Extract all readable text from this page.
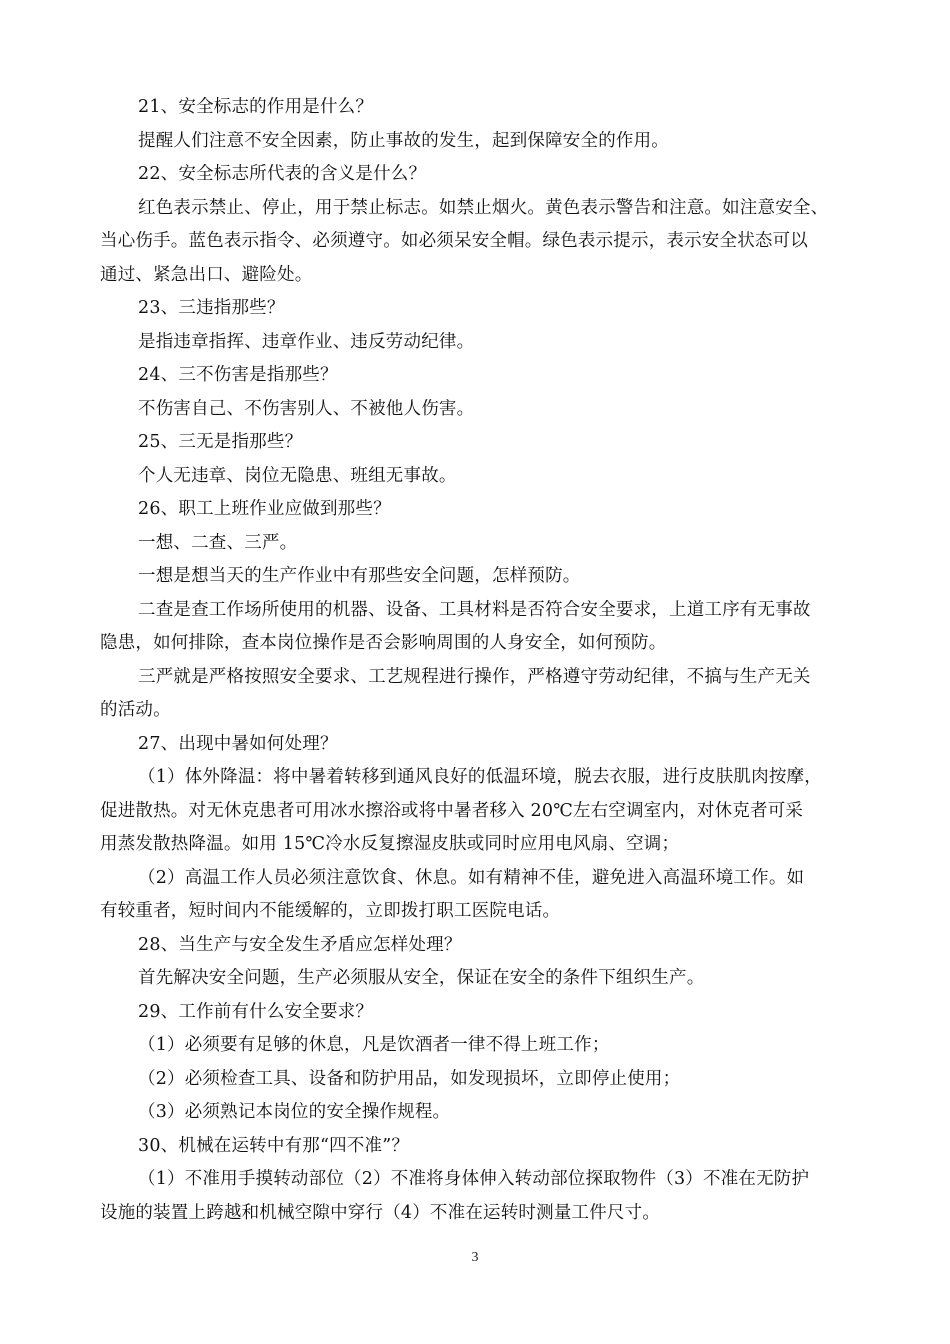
21、安全标志的作用是什么？
提醒人们注意不安全因素，防止事故的发生，起到保障安全的作用。
22、安全标志所代表的含义是什么？
红色表示禁止、停止，用于禁止标志。如禁止烟火。黄色表示警告和注意。如注意安全、
当心伤手。蓝色表示指令、必须遵守。如必须呆安全帽。绿色表示提示，表示安全状态可以
通过、紧急出口、避险处。
23、三违指那些？
是指违章指挥、违章作业、违反劳动纪律。
24、三不伤害是指那些？
不伤害自己、不伤害别人、不被他人伤害。
25、三无是指那些？
个人无违章、岗位无隐患、班组无事故。
26、职工上班作业应做到那些？
一想、二查、三严。
一想是想当天的生产作业中有那些安全问题，怎样预防。
二查是查工作场所使用的机器、设备、工具材料是否符合安全要求，上道工序有无事故
隐患，如何排除，查本岗位操作是否会影响周围的人身安全，如何预防。
三严就是严格按照安全要求、工艺规程进行操作，严格遵守劳动纪律，不搞与生产无关
的活动。
27、出现中暑如何处理？
（1）体外降温：将中暑着转移到通风良好的低温环境，脱去衣服，进行皮肤肌肉按摩，
促进散热。对无休克患者可用冰水擦浴或将中暑者移入 20℃左右空调室内，对休克者可采
用蒸发散热降温。如用 15℃冷水反复擦湿皮肤或同时应用电风扇、空调；
（2）高温工作人员必须注意饮食、休息。如有精神不佳，避免进入高温环境工作。如
有较重者，短时间内不能缓解的，立即拨打职工医院电话。
28、当生产与安全发生矛盾应怎样处理？
首先解决安全问题，生产必须服从安全，保证在安全的条件下组织生产。
29、工作前有什么安全要求？
（1）必须要有足够的休息，凡是饮酒者一律不得上班工作；
（2）必须检查工具、设备和防护用品，如发现损坏，立即停止使用；
（3）必须熟记本岗位的安全操作规程。
30、机械在运转中有那“四不准”？
（1）不准用手摸转动部位（2）不准将身体伸入转动部位探取物件（3）不准在无防护
设施的装置上跨越和机械空隙中穿行（4）不准在运转时测量工件尺寸。
3
